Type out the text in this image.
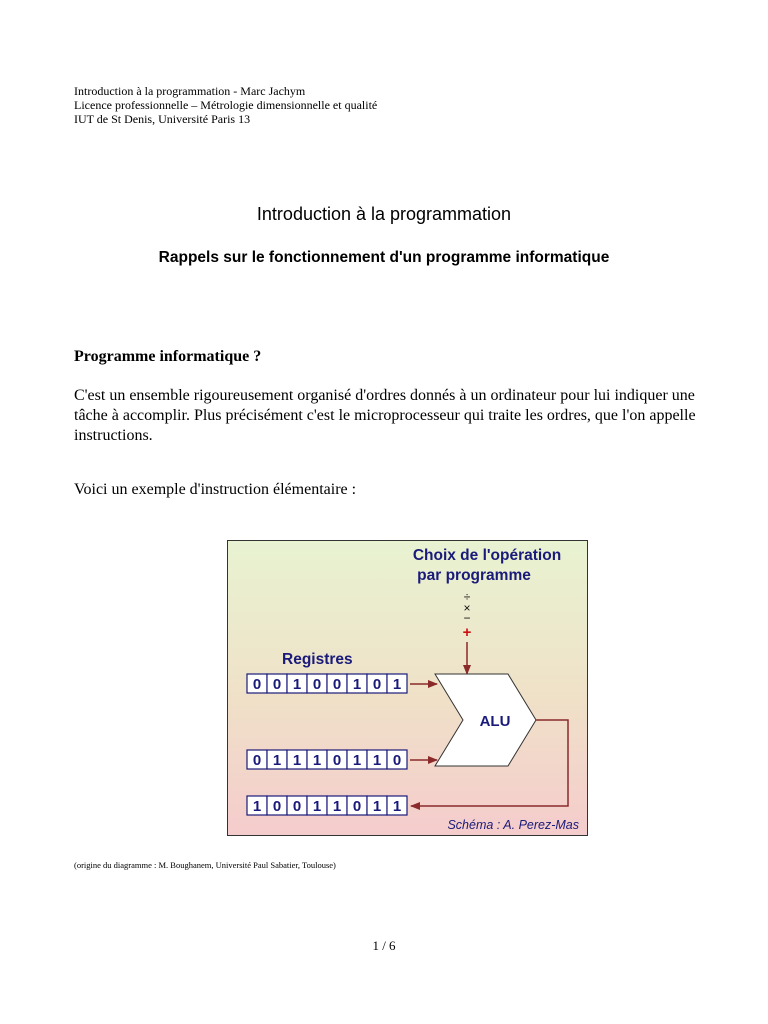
Introduction à la programmation - Marc Jachym
Licence professionnelle – Métrologie dimensionnelle et qualité
IUT de St Denis, Université Paris 13
Introduction à la programmation
Rappels sur le fonctionnement d'un programme informatique
Programme informatique ?
C'est un ensemble rigoureusement organisé d'ordres donnés à un ordinateur pour lui indiquer une tâche à accomplir. Plus précisément c'est le microprocesseur qui traite les ordres, que l'on appelle instructions.
Voici un exemple d'instruction élémentaire :
Choix de l'opération
par programme
÷
×
−
+
Registres
ALU
0 0 1 0 0 1 0 1
0 1 1 1 0 1 1 0
1 0 0 1 1 0 1 1
Schéma : A. Perez-Mas
(origine du diagramme : M. Boughanem, Université Paul Sabatier, Toulouse)
1 / 6
